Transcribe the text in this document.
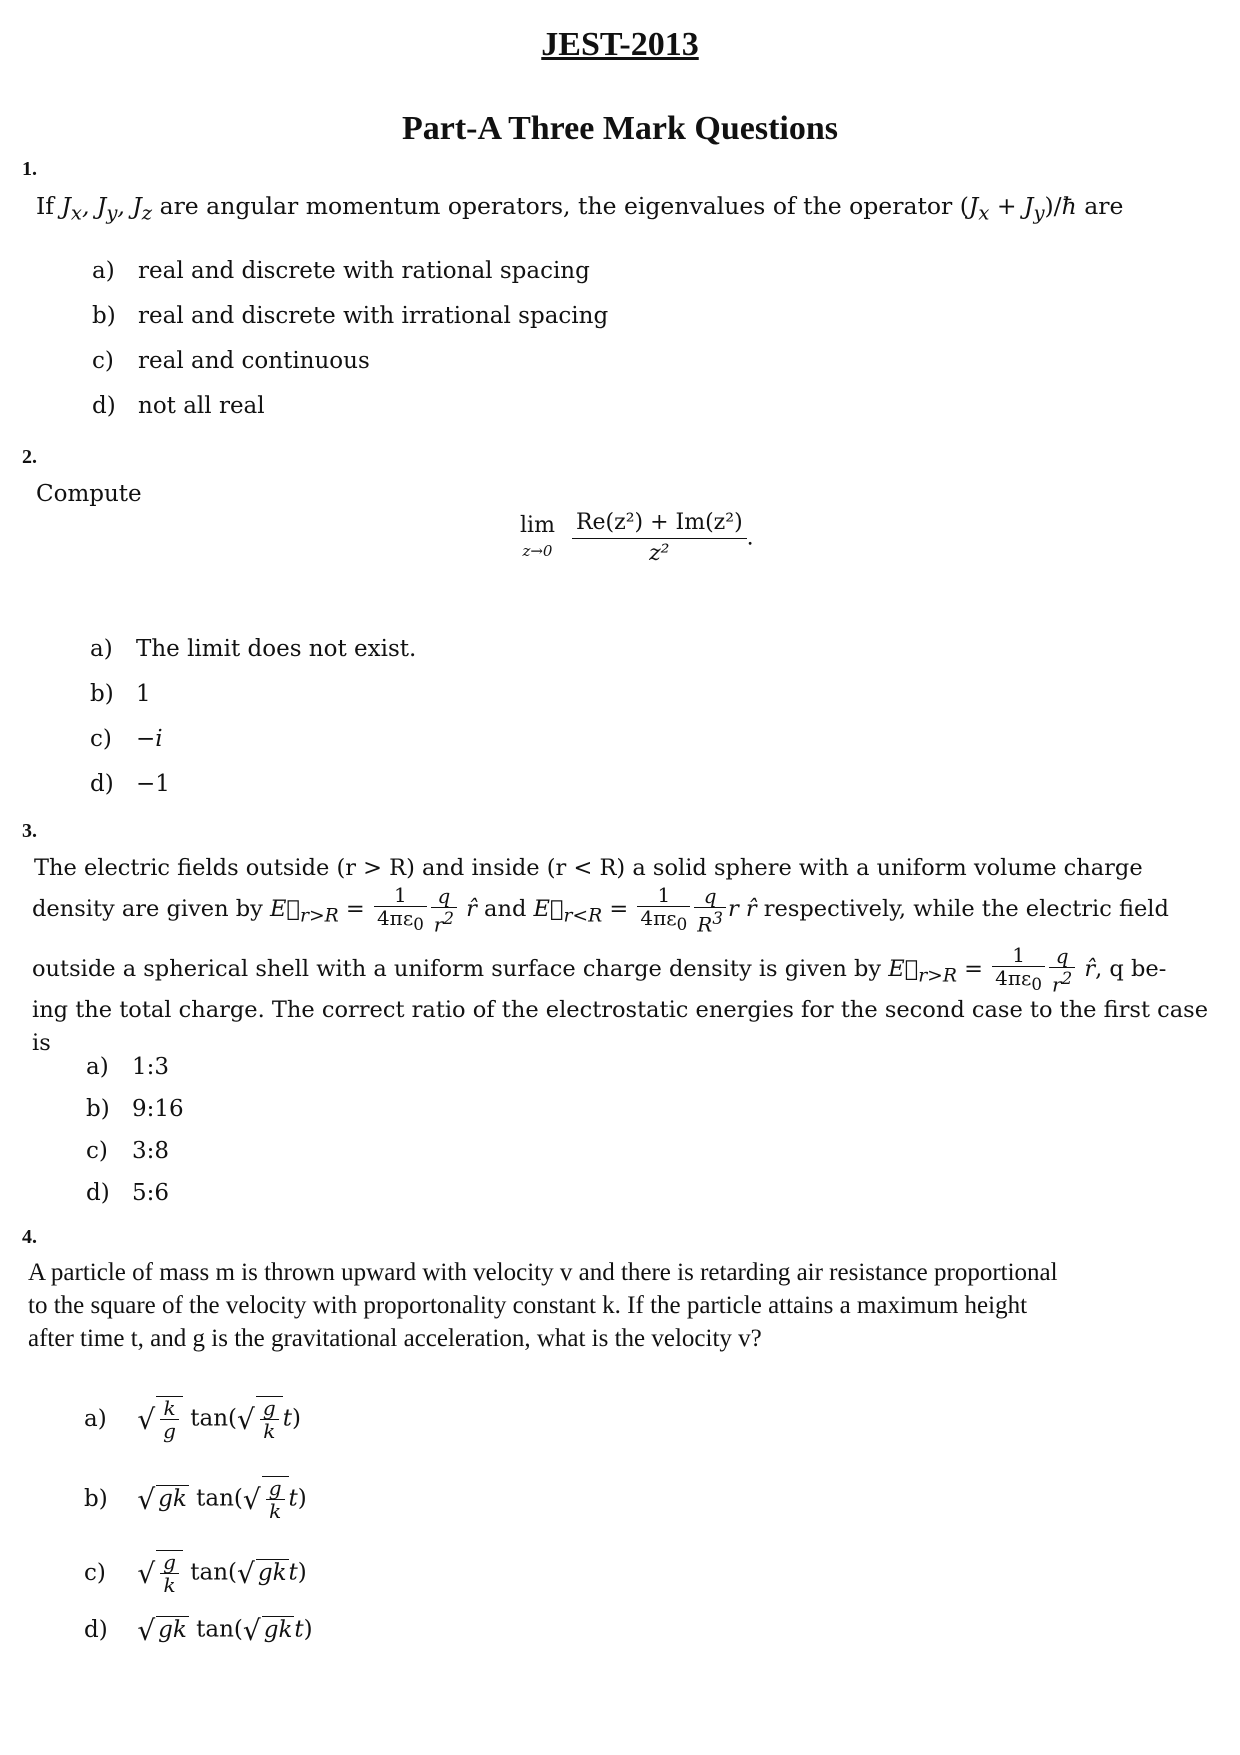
JEST-2013
Part-A Three Mark Questions
1.
If $J_x$, $J_y$, $J_z$ are angular momentum operators, the eigenvalues of the operator ($J_x$ + $J_y)/ħ$ are
a) real and discrete with rational spacing
b) real and discrete with irrational spacing
c) real and continuous
d) not all real
2.
Compute
lim
$z\to 0 \frac{\text{Re(z²) + Im(z²)}}{\text{z²}}$ .
a) The limit does not exist.
b) 1
c) −i
d) −1
3.
The electric fields outside (r > R) and inside (r < R) a solid sphere with a uniform volume charge
density are given by $E⃗_{r>R} = \frac{1}{4\pi\varepsilon_0} \frac{q}{r^2}$ r̂ and $E⃗_{r<R} = \frac{1}{4\pi\varepsilon_0} \frac{q}{R^3}$ r r̂ respectively, while the electric field
outside a spherical shell with a uniform surface charge density is given by $E⃗_{r>R} = \frac{1}{4\pi\varepsilon_0} \frac{q}{r^2}$ r̂, q be-
ing the total charge. The correct ratio of the electrostatic energies for the second case to the first case is
a) 1:3
b) 9:16
c) 3:8
d) 5:6
4.
A particle of mass m is thrown upward with velocity v and there is retarding air resistance proportional
to the square of the velocity with proportonality constant k. If the particle attains a maximum height
after time t, and g is the gravitational acceleration, what is the velocity v?
a) √ $\frac{k}{g} \tan(√ \frac{g}{k} t)$
b) √ gk $\tan(√ \frac{g}{k} t)$
c) √ $\frac{g}{k} \tan(√$ gkt)
d) √ gk tan(√ gkt)
